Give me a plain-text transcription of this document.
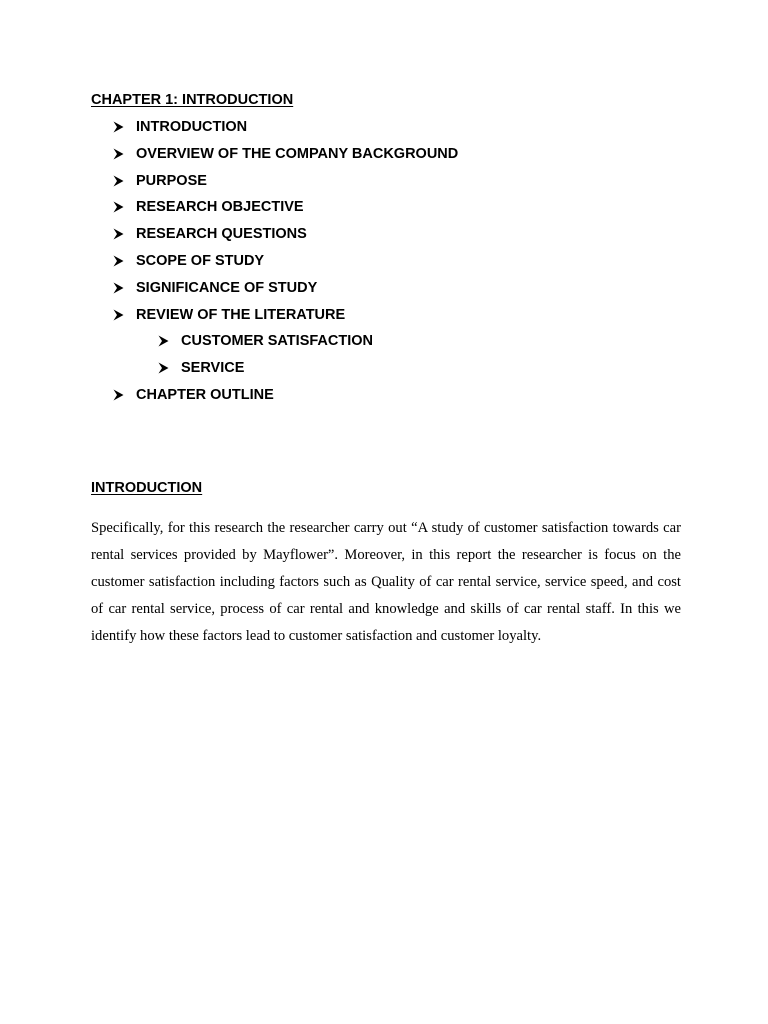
CHAPTER 1: INTRODUCTION
INTRODUCTION
OVERVIEW OF THE COMPANY BACKGROUND
PURPOSE
RESEARCH OBJECTIVE
RESEARCH QUESTIONS
SCOPE OF STUDY
SIGNIFICANCE OF STUDY
REVIEW OF THE LITERATURE
CUSTOMER SATISFACTION
SERVICE
CHAPTER OUTLINE
INTRODUCTION

Specifically, for this research the researcher carry out “A study of customer satisfaction towards car rental services provided by Mayflower”. Moreover, in this report the researcher is focus on the customer satisfaction including factors such as Quality of car rental service, service speed, and cost of car rental service, process of car rental and knowledge and skills of car rental staff. In this we identify how these factors lead to customer satisfaction and customer loyalty.
